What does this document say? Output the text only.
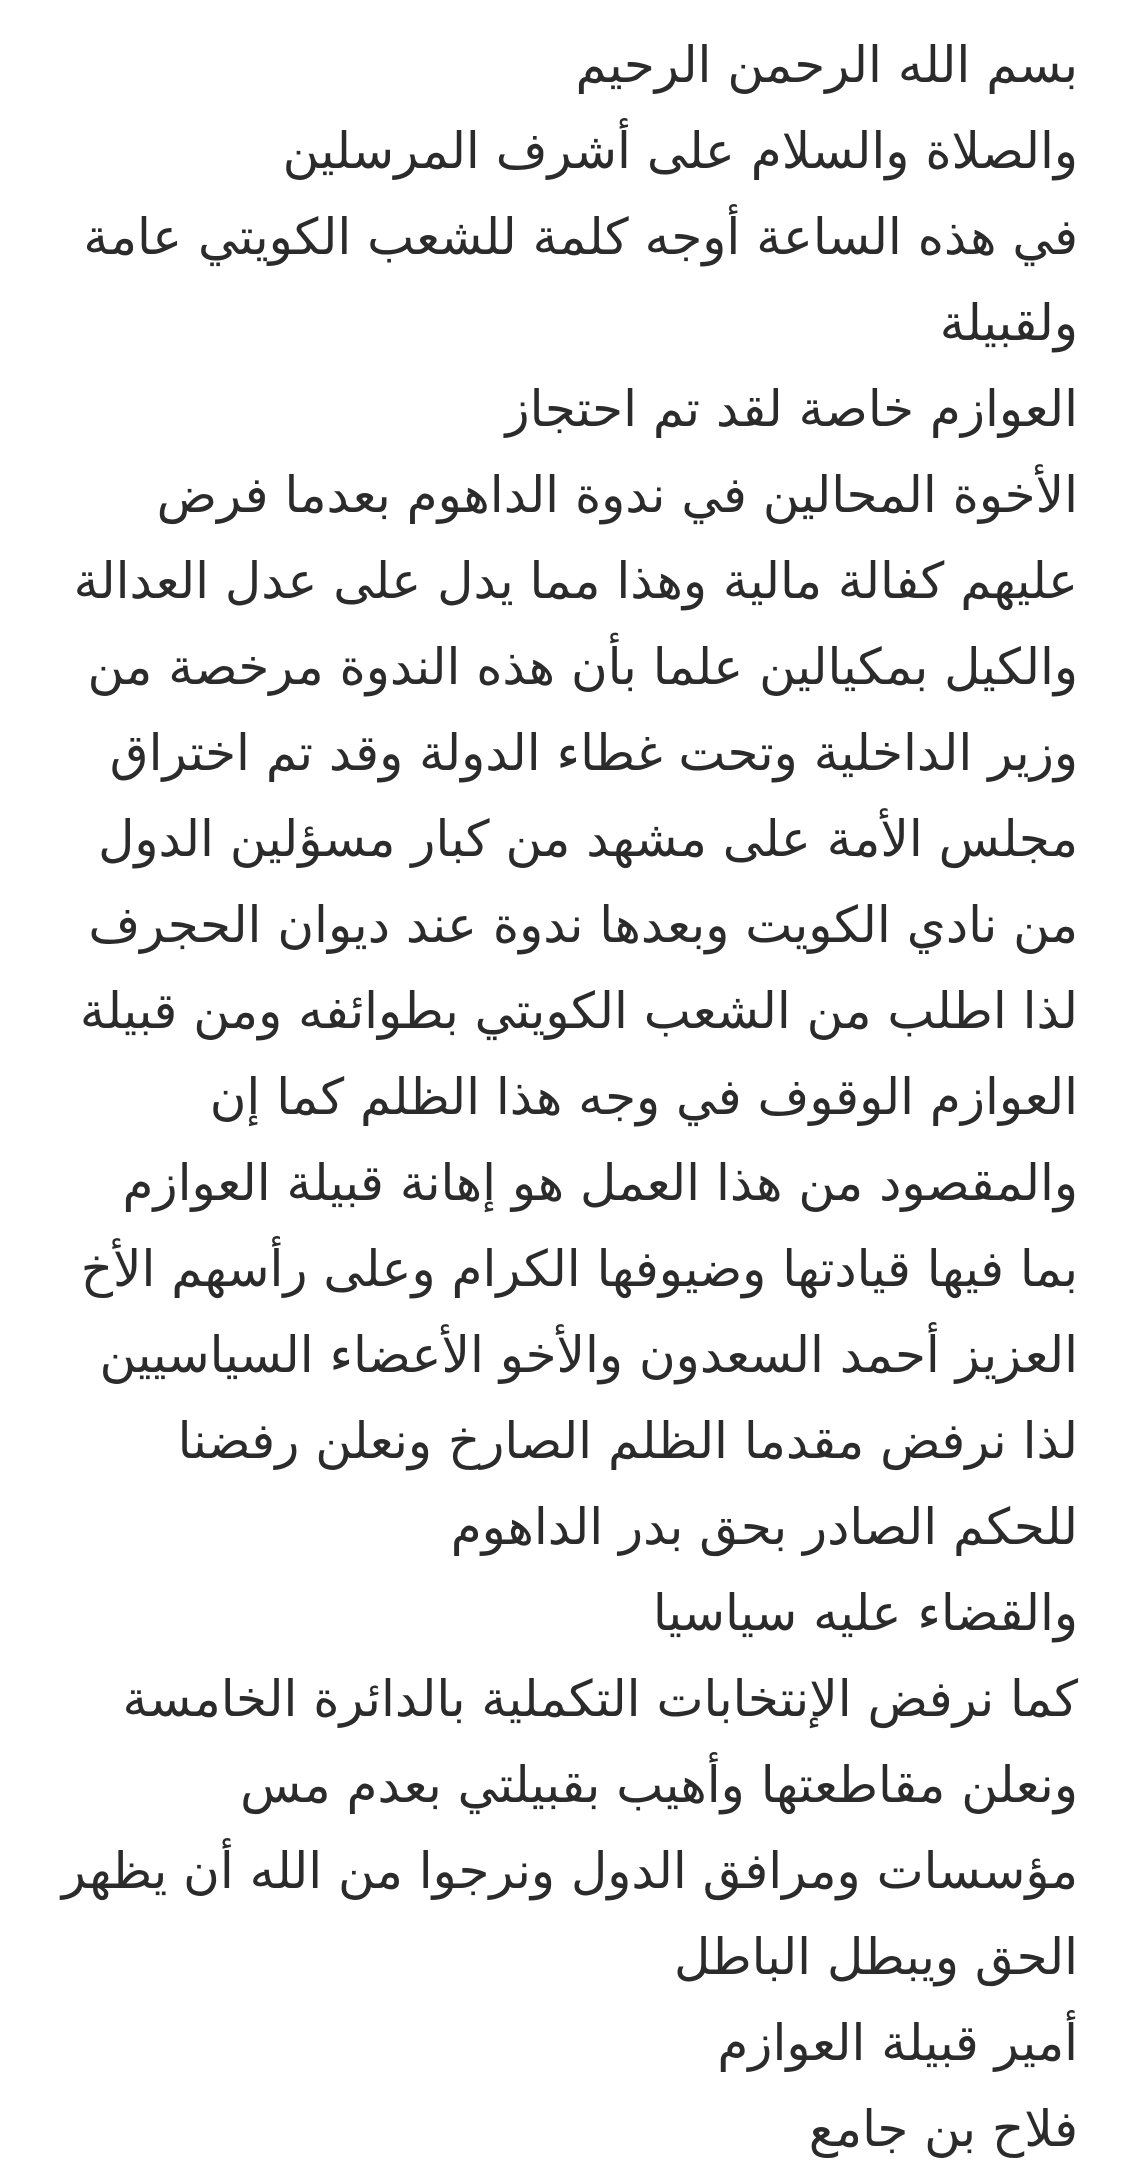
بسم الله الرحمن الرحيم
والصلاة والسلام على أشرف المرسلين
في هذه الساعة أوجه كلمة للشعب الكويتي عامة
ولقبيلة
العوازم خاصة لقد تم احتجاز
الأخوة المحالين في ندوة الداهوم بعدما فرض
عليهم كفالة مالية وهذا مما يدل على عدل العدالة
والكيل بمكيالين علما بأن هذه الندوة مرخصة من
وزير الداخلية وتحت غطاء الدولة وقد تم اختراق
مجلس الأمة على مشهد من كبار مسؤلين الدول
من نادي الكويت وبعدها ندوة عند ديوان الحجرف
لذا اطلب من الشعب الكويتي بطوائفه ومن قبيلة
العوازم الوقوف في وجه هذا الظلم كما إن
والمقصود من هذا العمل هو إهانة قبيلة العوازم
بما فيها قيادتها وضيوفها الكرام وعلى رأسهم الأخ
العزيز أحمد السعدون والأخو الأعضاء السياسيين
لذا نرفض مقدما الظلم الصارخ ونعلن رفضنا
للحكم الصادر بحق بدر الداهوم
والقضاء عليه سياسيا
كما نرفض الإنتخابات التكملية بالدائرة الخامسة
ونعلن مقاطعتها وأهيب بقبيلتي بعدم مس
مؤسسات ومرافق الدول ونرجوا من الله أن يظهر
الحق ويبطل الباطل
أمير قبيلة العوازم
فلاح بن جامع
